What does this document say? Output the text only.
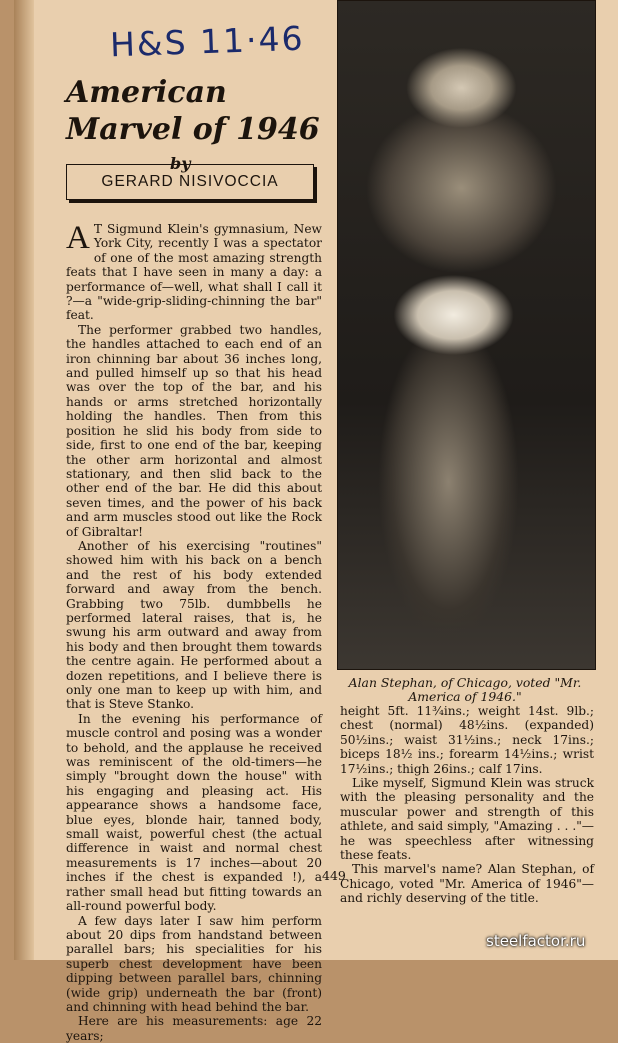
H&S 11·46
American Marvel of 1946
by
GERARD NISIVOCCIA

A T Sigmund Klein's gymnasium, New York City, recently I was a spectator of one of the most amazing strength feats that I have seen in many a day: a performance of—well, what shall I call it ?—a "wide-grip-sliding-chinning the bar" feat.

The performer grabbed two handles, the handles attached to each end of an iron chinning bar about 36 inches long, and pulled himself up so that his head was over the top of the bar, and his hands or arms stretched horizontally holding the handles. Then from this position he slid his body from side to side, first to one end of the bar, keeping the other arm horizontal and almost stationary, and then slid back to the other end of the bar. He did this about seven times, and the power of his back and arm muscles stood out like the Rock of Gibraltar!

Another of his exercising "routines" showed him with his back on a bench and the rest of his body extended forward and away from the bench. Grabbing two 75lb. dumbbells he performed lateral raises, that is, he swung his arm outward and away from his body and then brought them towards the centre again. He performed about a dozen repetitions, and I believe there is only one man to keep up with him, and that is Steve Stanko.

In the evening his performance of muscle control and posing was a wonder to behold, and the applause he received was reminiscent of the old-timers—he simply "brought down the house" with his engaging and pleasing act. His appearance shows a handsome face, blue eyes, blonde hair, tanned body, small waist, powerful chest (the actual difference in waist and normal chest measurements is 17 inches—about 20 inches if the chest is expanded !), a rather small head but fitting towards an all-round powerful body.

A few days later I saw him perform about 20 dips from handstand between parallel bars; his specialities for his superb chest development have been dipping between parallel bars, chinning (wide grip) underneath the bar (front) and chinning with head behind the bar.

Here are his measurements: age 22 years;

Alan Stephan, of Chicago, voted "Mr. America of 1946."

height 5ft. 11¾ins.; weight 14st. 9lb.; chest (normal) 48½ins. (expanded) 50½ins.; waist 31½ins.; neck 17ins.; biceps 18½ ins.; forearm 14½ins.; wrist 17½ins.; thigh 26ins.; calf 17ins.

Like myself, Sigmund Klein was struck with the pleasing personality and the muscular power and strength of this athlete, and said simply, "Amazing . . ."—he was speechless after witnessing these feats.

This marvel's name? Alan Stephan, of Chicago, voted "Mr. America of 1946"—and richly deserving of the title.

449
steelfactor.ru
